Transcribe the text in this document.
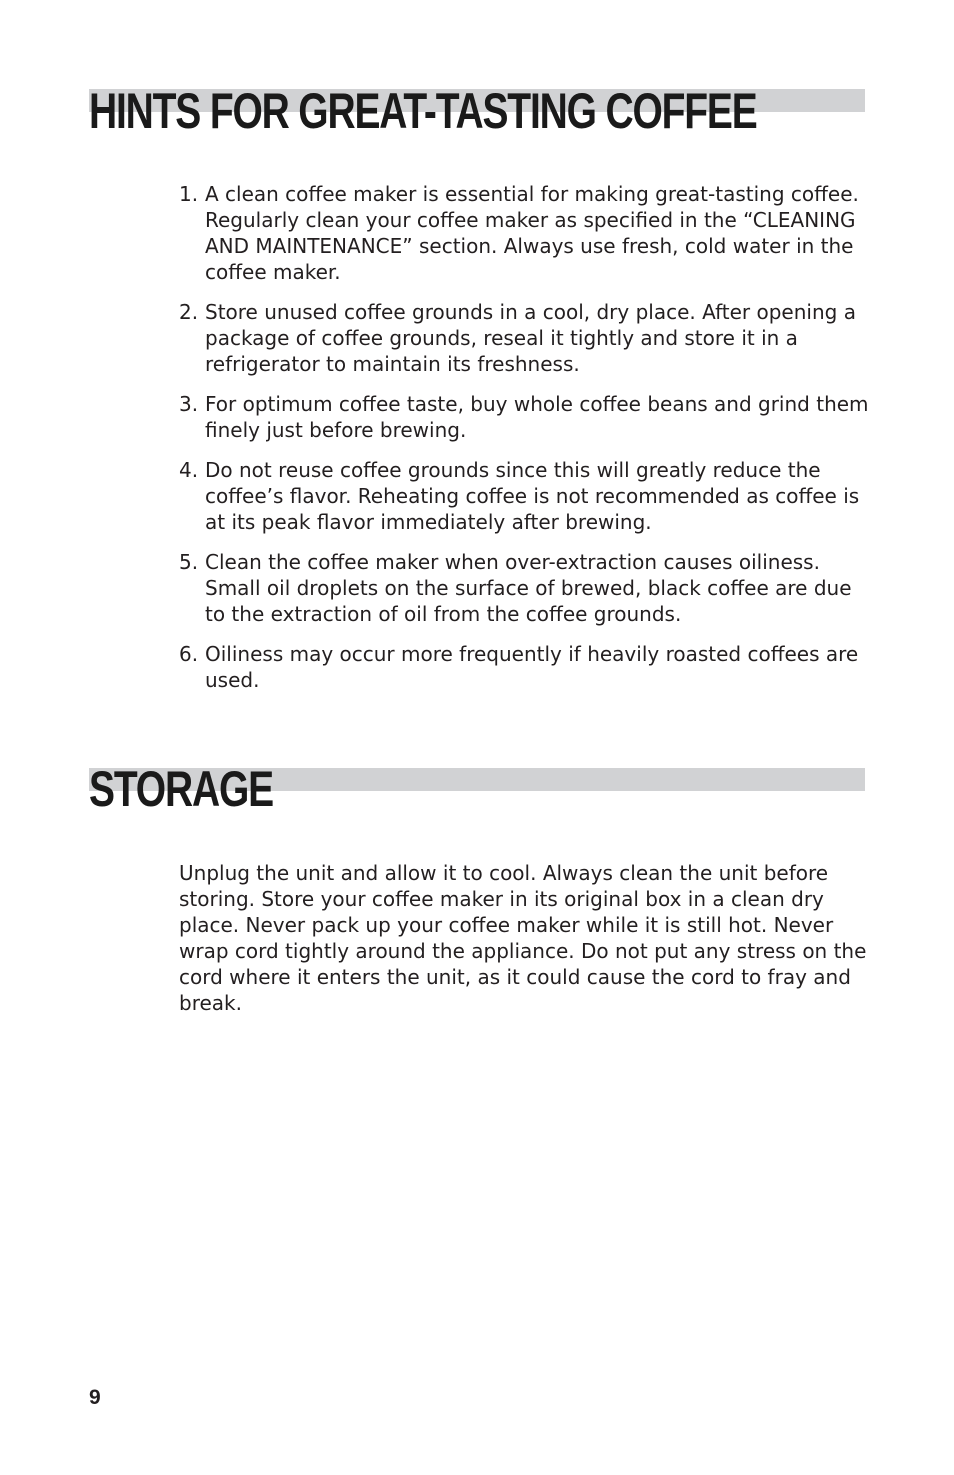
HINTS FOR GREAT-TASTING COFFEE
1. A clean coffee maker is essential for making great-tasting coffee. Regularly clean your coffee maker as specified in the “CLEANING AND MAINTENANCE” section. Always use fresh, cold water in the coffee maker.
2. Store unused coffee grounds in a cool, dry place. After opening a package of coffee grounds, reseal it tightly and store it in a refrigerator to maintain its freshness.
3. For optimum coffee taste, buy whole coffee beans and grind them finely just before brewing.
4. Do not reuse coffee grounds since this will greatly reduce the coffee’s flavor. Reheating coffee is not recommended as coffee is at its peak flavor immediately after brewing.
5. Clean the coffee maker when over-extraction causes oiliness. Small oil droplets on the surface of brewed, black coffee are due to the extraction of oil from the coffee grounds.
6. Oiliness may occur more frequently if heavily roasted coffees are used.
STORAGE

Unplug the unit and allow it to cool. Always clean the unit before storing. Store your coffee maker in its original box in a clean dry place. Never pack up your coffee maker while it is still hot. Never wrap cord tightly around the appliance. Do not put any stress on the cord where it enters the unit, as it could cause the cord to fray and break.

9
